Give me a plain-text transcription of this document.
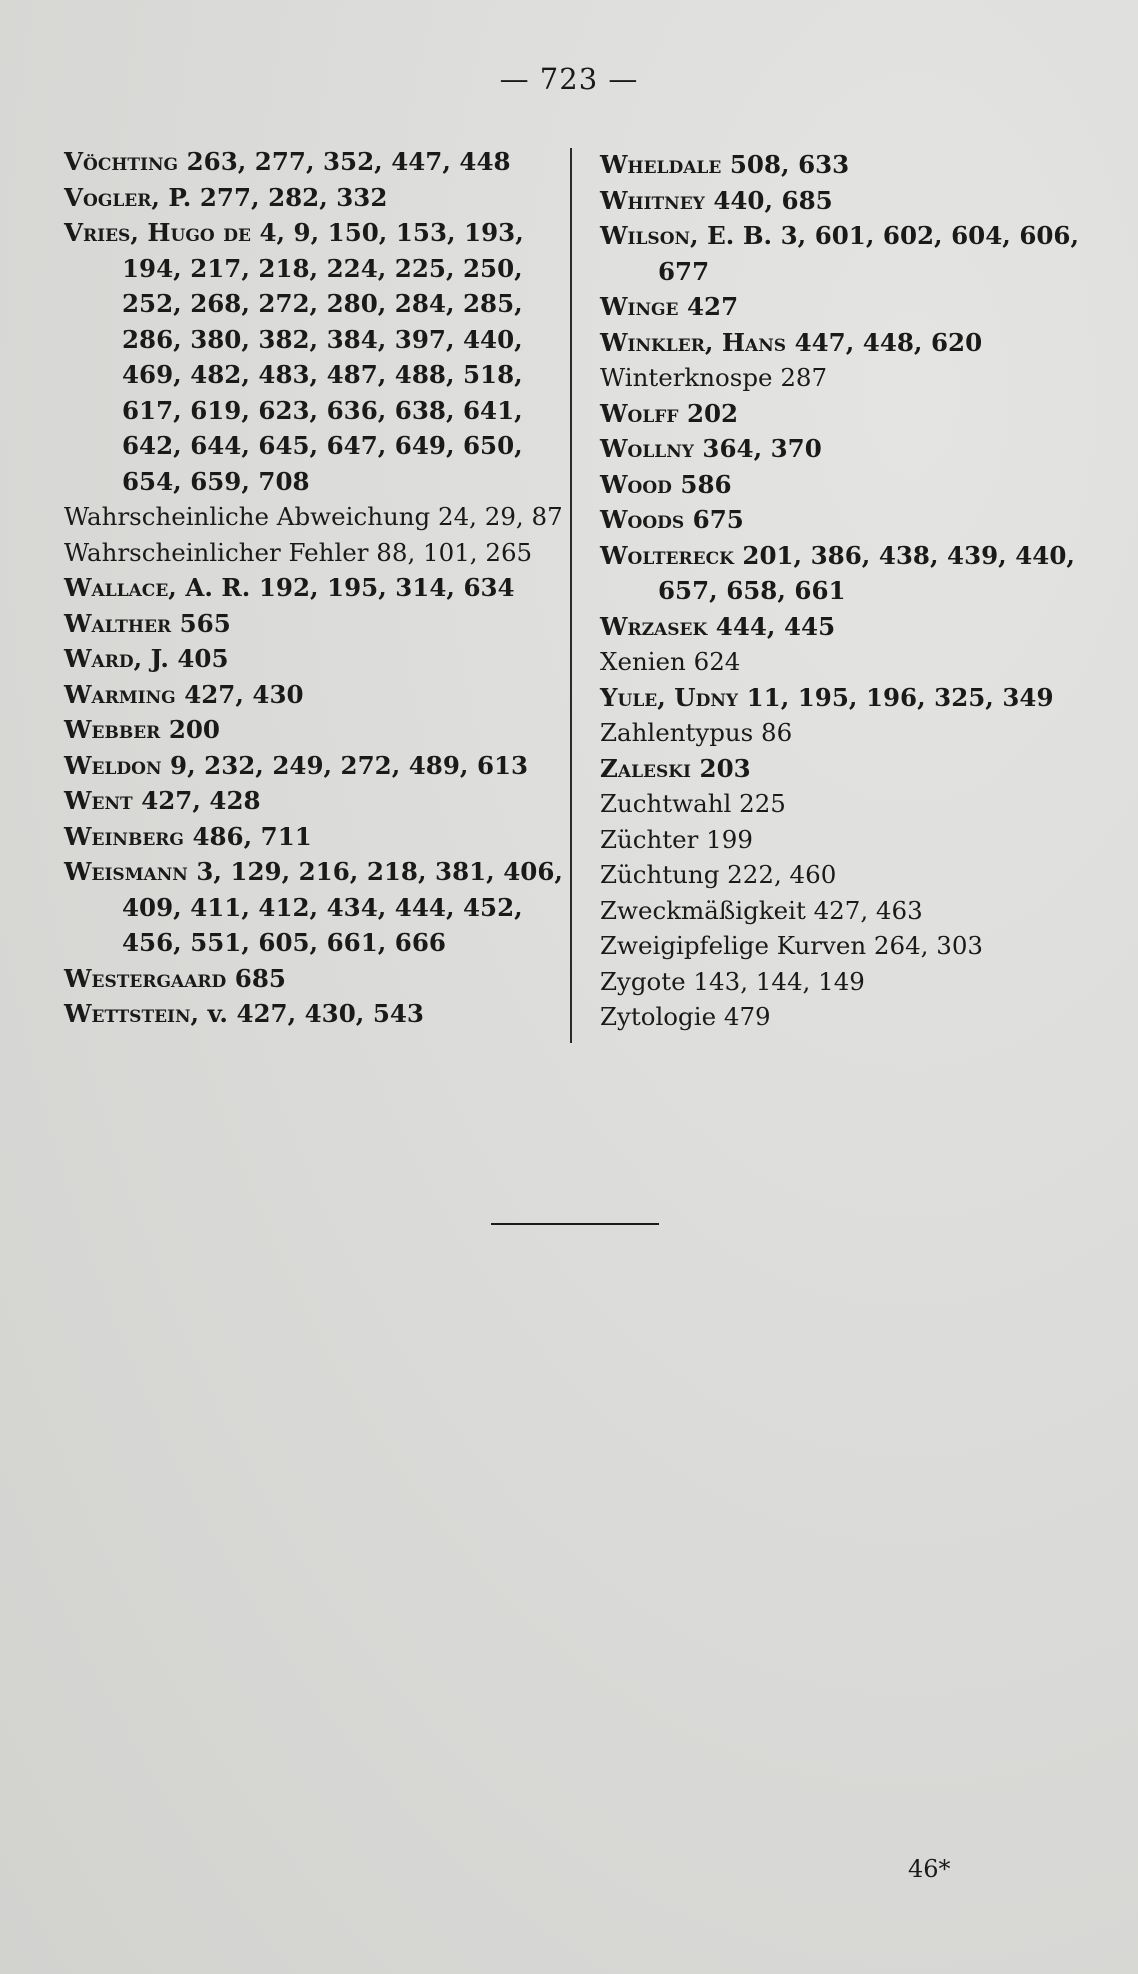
— 723 —
Vöchting 263, 277, 352, 447, 448
Vogler, P. 277, 282, 332
Vries, Hugo de 4, 9, 150, 153, 193, 194, 217, 218, 224, 225, 250, 252, 268, 272, 280, 284, 285, 286, 380, 382, 384, 397, 440, 469, 482, 483, 487, 488, 518, 617, 619, 623, 636, 638, 641, 642, 644, 645, 647, 649, 650, 654, 659, 708
Wahrscheinliche Abweichung 24, 29, 87
Wahrscheinlicher Fehler 88, 101, 265
Wallace, A. R. 192, 195, 314, 634
Walther 565
Ward, J. 405
Warming 427, 430
Webber 200
Weldon 9, 232, 249, 272, 489, 613
Went 427, 428
Weinberg 486, 711
Weismann 3, 129, 216, 218, 381, 406, 409, 411, 412, 434, 444, 452, 456, 551, 605, 661, 666
Westergaard 685
Wettstein, v. 427, 430, 543
Wheldale 508, 633
Whitney 440, 685
Wilson, E. B. 3, 601, 602, 604, 606, 677
Winge 427
Winkler, Hans 447, 448, 620
Winterknospe 287
Wolff 202
Wollny 364, 370
Wood 586
Woods 675
Woltereck 201, 386, 438, 439, 440, 657, 658, 661
Wrzasek 444, 445
Xenien 624
Yule, Udny 11, 195, 196, 325, 349
Zahlentypus 86
Zaleski 203
Zuchtwahl 225
Züchter 199
Züchtung 222, 460
Zweckmäßigkeit 427, 463
Zweigipfelige Kurven 264, 303
Zygote 143, 144, 149
Zytologie 479
46*
